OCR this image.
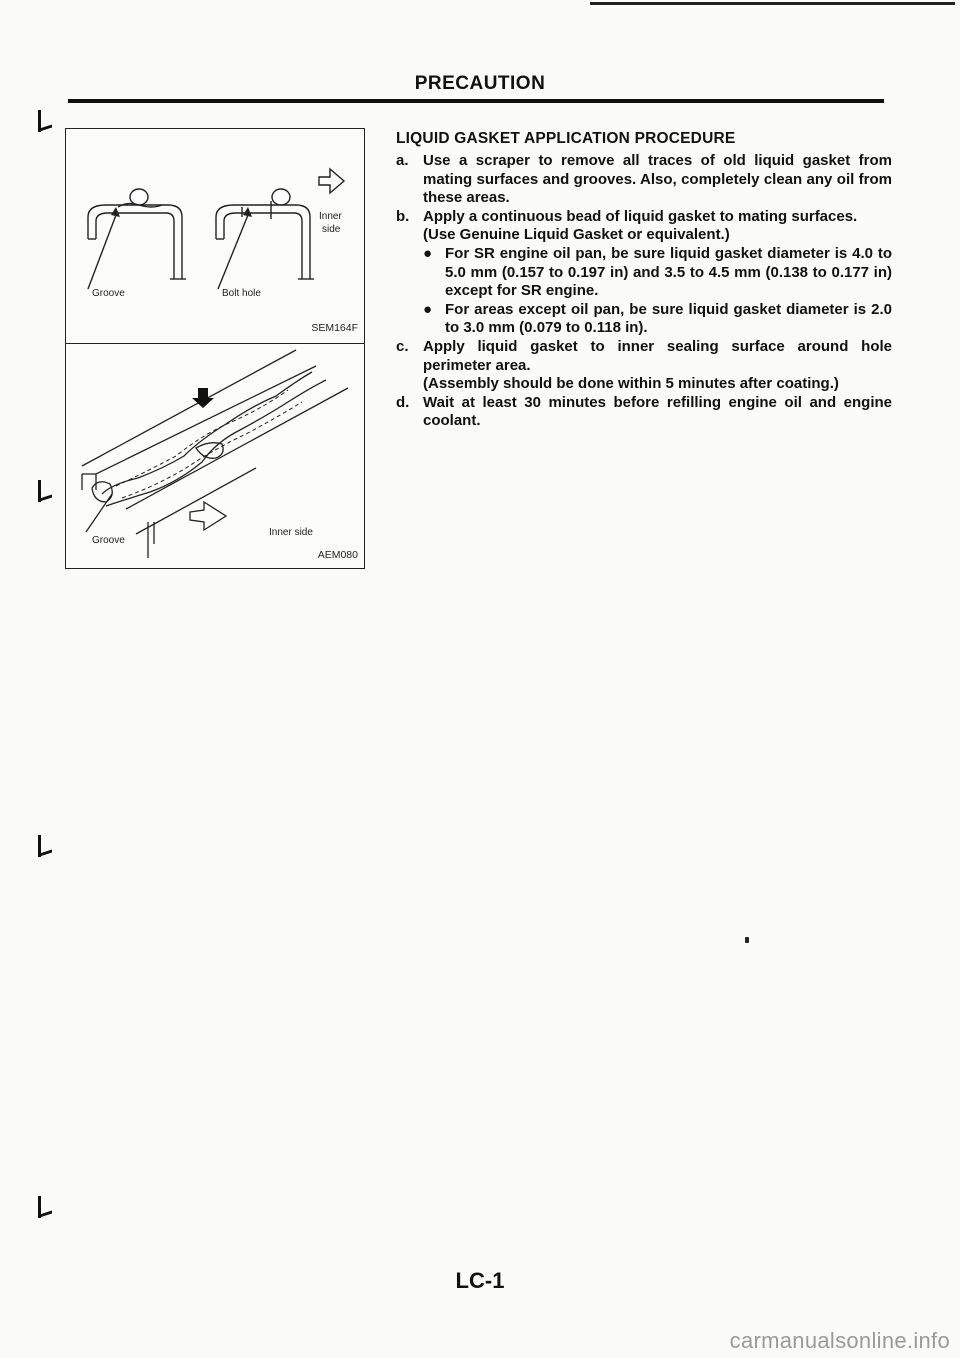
PRECAUTION
Inner
side
Groove	Bolt hole
SEM164F
Inner side
Groove
AEM080
LIQUID GASKET APPLICATION PROCEDURE
a. Use a scraper to remove all traces of old liquid gasket from mating surfaces and grooves. Also, completely clean any oil from these areas.
b. Apply a continuous bead of liquid gasket to mating surfaces.
(Use Genuine Liquid Gasket or equivalent.)
● For SR engine oil pan, be sure liquid gasket diameter is 4.0 to 5.0 mm (0.157 to 0.197 in) and 3.5 to 4.5 mm (0.138 to 0.177 in) except for SR engine.
● For areas except oil pan, be sure liquid gasket diameter is 2.0 to 3.0 mm (0.079 to 0.118 in).
c. Apply liquid gasket to inner sealing surface around hole perimeter area.
(Assembly should be done within 5 minutes after coating.)
d. Wait at least 30 minutes before refilling engine oil and engine coolant.
LC-1
carmanualsonline.info
